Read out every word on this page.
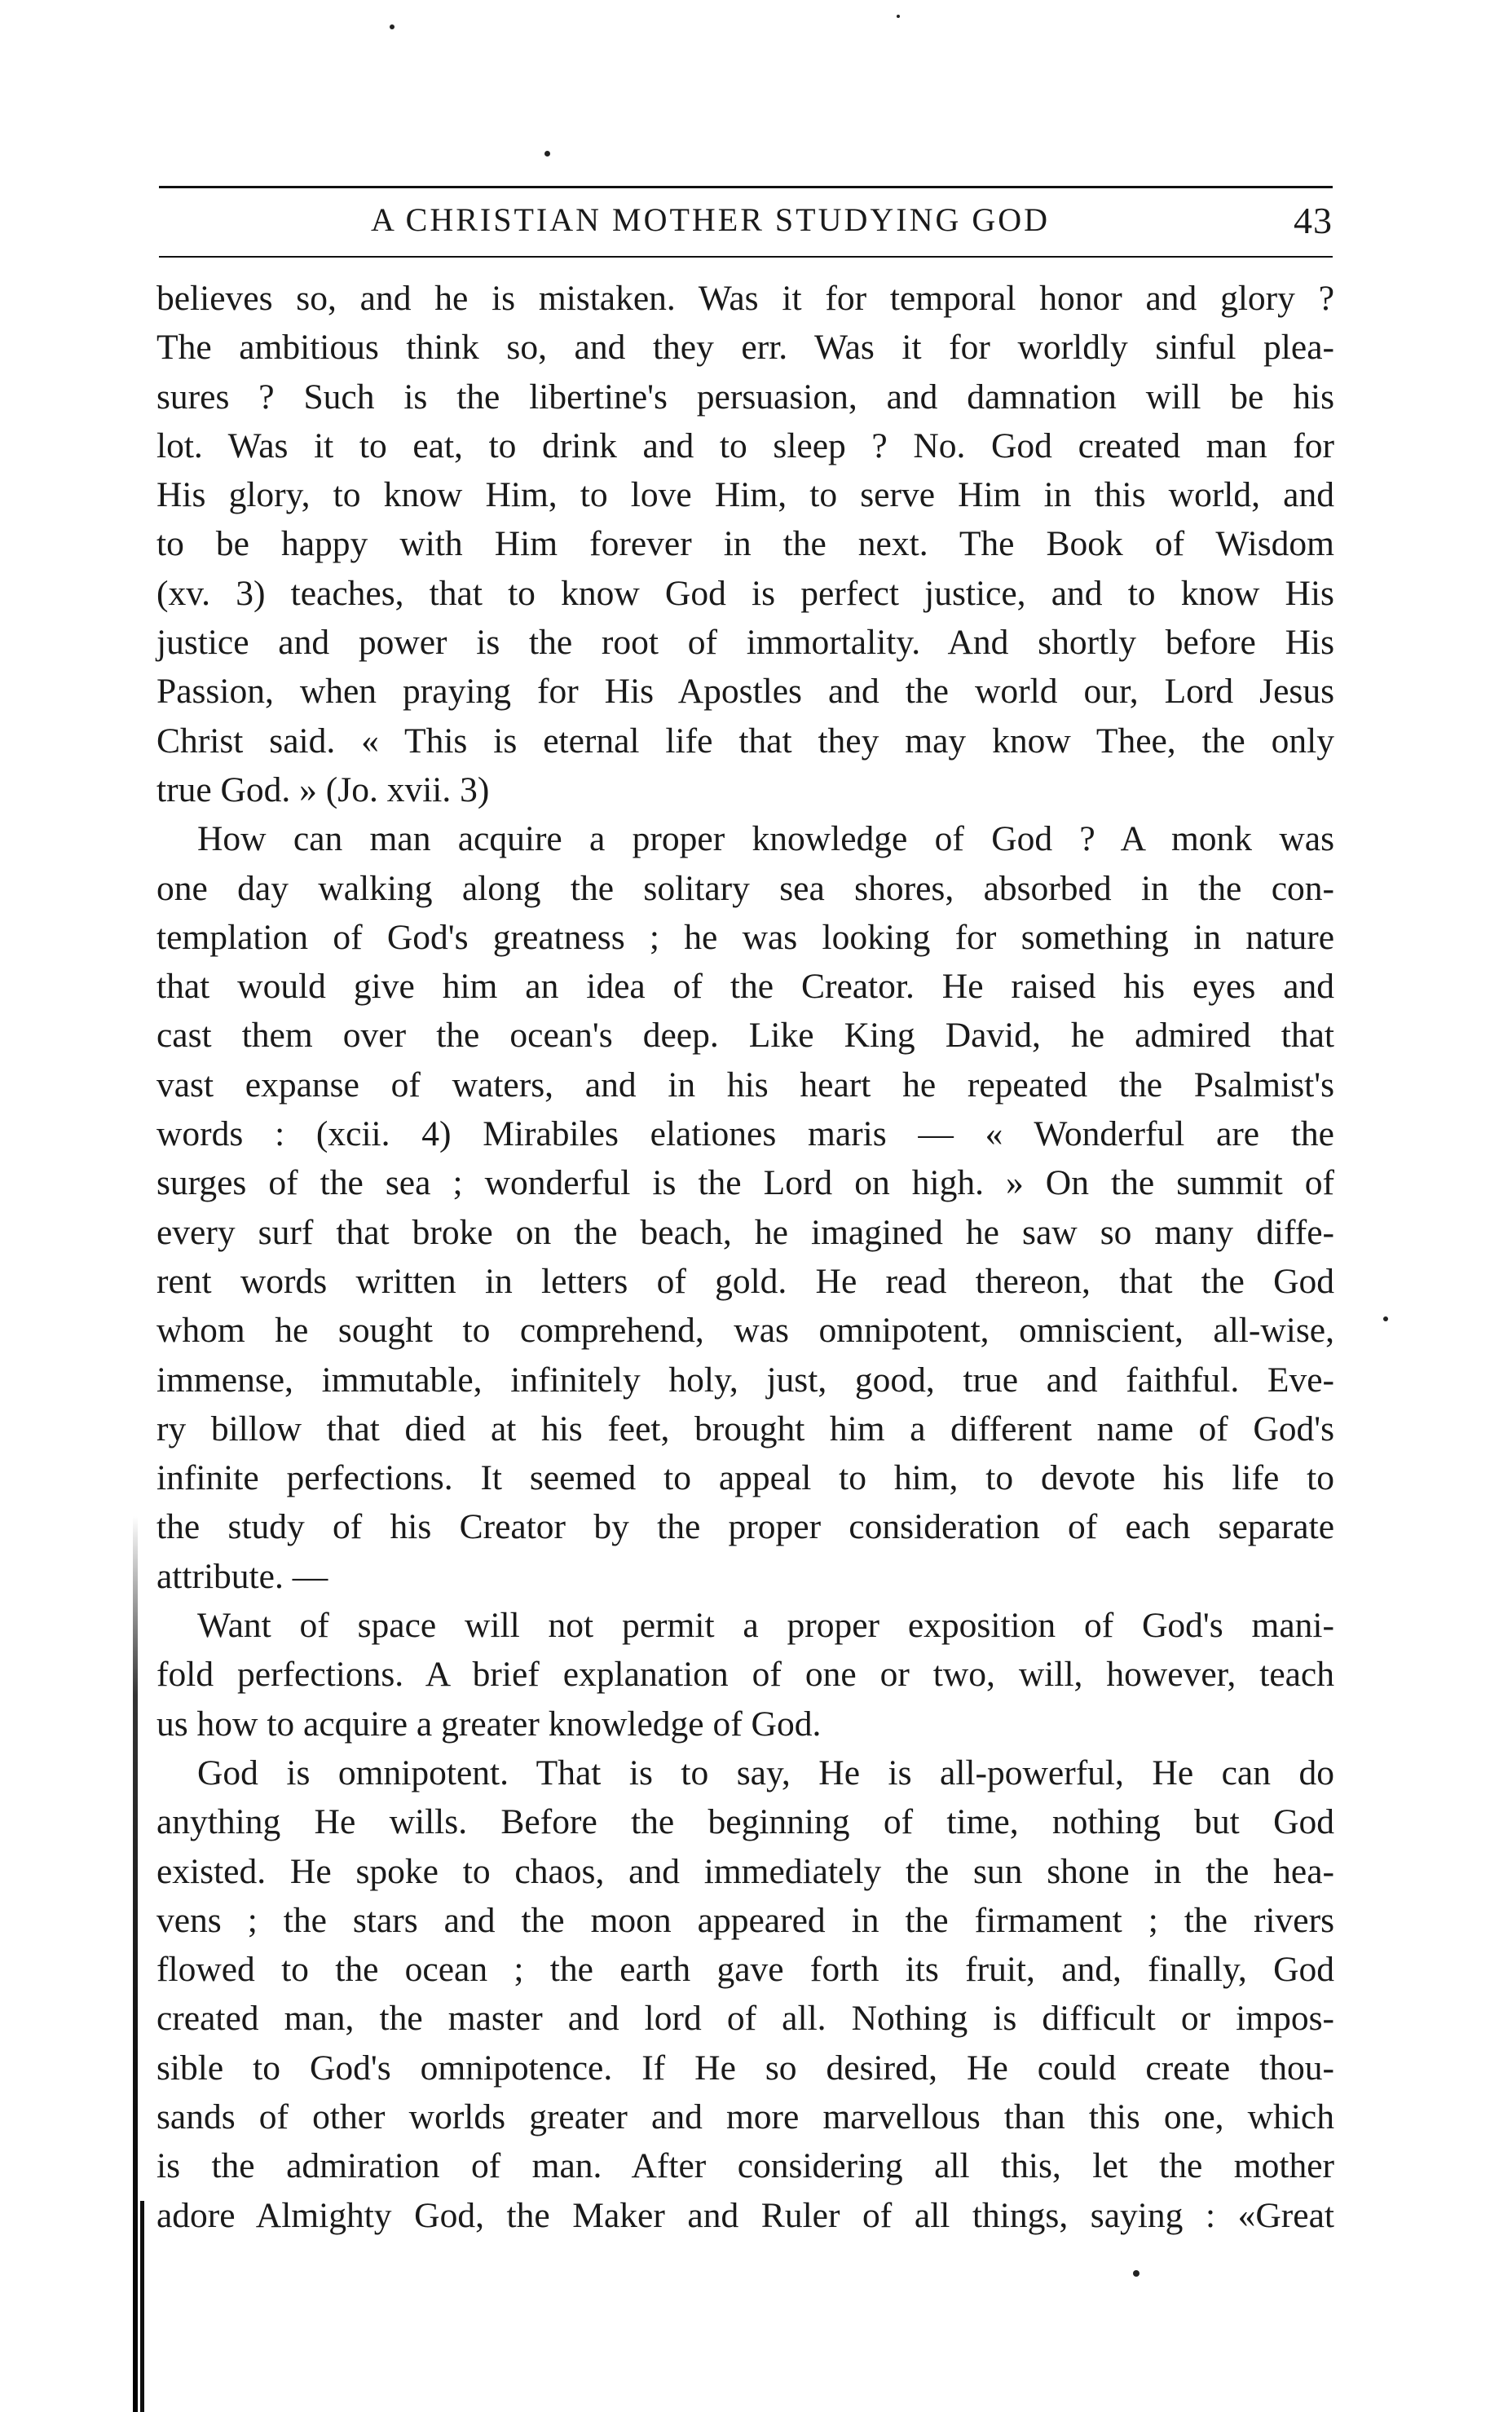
A CHRISTIAN MOTHER STUDYING GOD	43
believes so, and he is mistaken. Was it for temporal honor and glory ?
The ambitious think so, and they err. Was it for worldly sinful plea-
sures ? Such is the libertine's persuasion, and damnation will be his
lot. Was it to eat, to drink and to sleep ? No. God created man for
His glory, to know Him, to love Him, to serve Him in this world, and
to be happy with Him forever in the next. The Book of Wisdom
(xv. 3) teaches, that to know God is perfect justice, and to know His
justice and power is the root of immortality. And shortly before His
Passion, when praying for His Apostles and the world our, Lord Jesus
Christ said. « This is eternal life that they may know Thee, the only
true God. » (Jo. xvii. 3)
How can man acquire a proper knowledge of God ? A monk was
one day walking along the solitary sea shores, absorbed in the con-
templation of God's greatness ; he was looking for something in nature
that would give him an idea of the Creator. He raised his eyes and
cast them over the ocean's deep. Like King David, he admired that
vast expanse of waters, and in his heart he repeated the Psalmist's
words : (xcii. 4) Mirabiles elationes maris — « Wonderful are the
surges of the sea ; wonderful is the Lord on high. » On the summit of
every surf that broke on the beach, he imagined he saw so many diffe-
rent words written in letters of gold. He read thereon, that the God
whom he sought to comprehend, was omnipotent, omniscient, all-wise,
immense, immutable, infinitely holy, just, good, true and faithful. Eve-
ry billow that died at his feet, brought him a different name of God's
infinite perfections. It seemed to appeal to him, to devote his life to
the study of his Creator by the proper consideration of each separate
attribute. —
Want of space will not permit a proper exposition of God's mani-
fold perfections. A brief explanation of one or two, will, however, teach
us how to acquire a greater knowledge of God.
God is omnipotent. That is to say, He is all-powerful, He can do
anything He wills. Before the beginning of time, nothing but God
existed. He spoke to chaos, and immediately the sun shone in the hea-
vens ; the stars and the moon appeared in the firmament ; the rivers
flowed to the ocean ; the earth gave forth its fruit, and, finally, God
created man, the master and lord of all. Nothing is difficult or impos-
sible to God's omnipotence. If He so desired, He could create thou-
sands of other worlds greater and more marvellous than this one, which
is the admiration of man. After considering all this, let the mother
adore Almighty God, the Maker and Ruler of all things, saying : «Great
